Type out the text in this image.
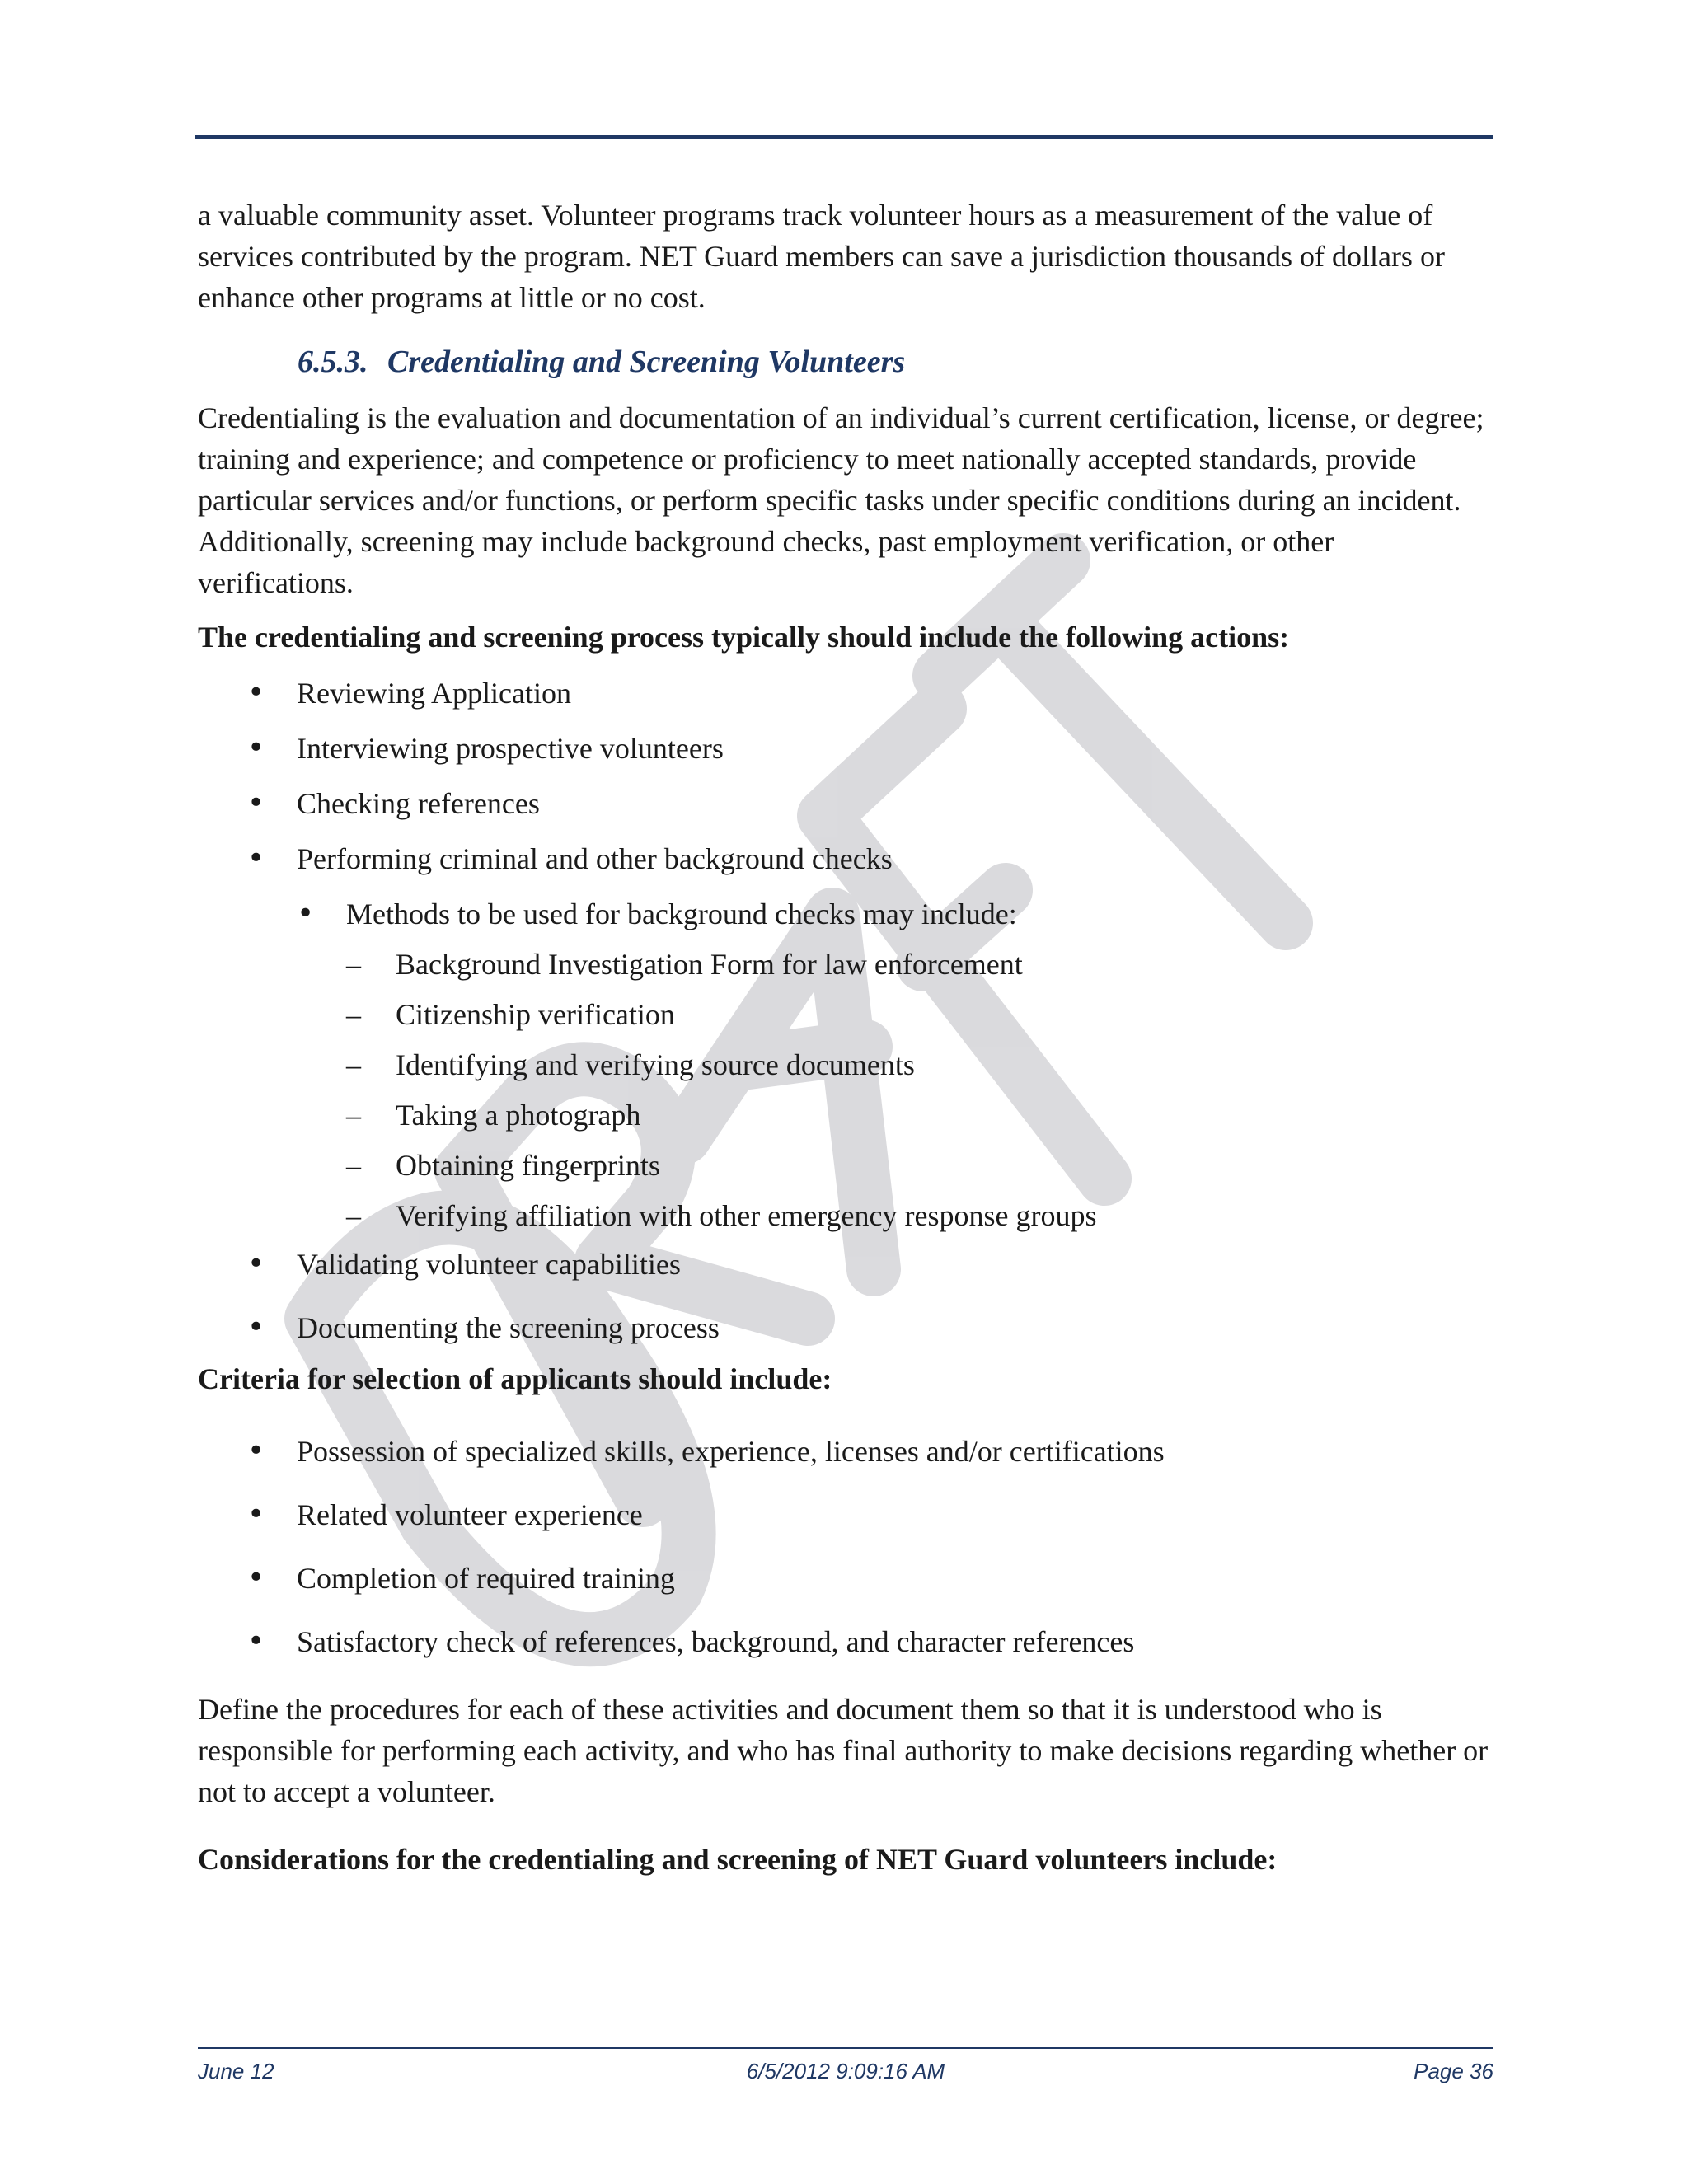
a valuable community asset. Volunteer programs track volunteer hours as a measurement of the value of services contributed by the program. NET Guard members can save a jurisdiction thousands of dollars or enhance other programs at little or no cost.

6.5.3. Credentialing and Screening Volunteers

Credentialing is the evaluation and documentation of an individual’s current certification, license, or degree; training and experience; and competence or proficiency to meet nationally accepted standards, provide particular services and/or functions, or perform specific tasks under specific conditions during an incident. Additionally, screening may include background checks, past employment verification, or other verifications.

The credentialing and screening process typically should include the following actions:

• Reviewing Application
• Interviewing prospective volunteers
• Checking references
• Performing criminal and other background checks
• Methods to be used for background checks may include:
– Background Investigation Form for law enforcement
– Citizenship verification
– Identifying and verifying source documents
– Taking a photograph
– Obtaining fingerprints
– Verifying affiliation with other emergency response groups
• Validating volunteer capabilities
• Documenting the screening process

Criteria for selection of applicants should include:

• Possession of specialized skills, experience, licenses and/or certifications
• Related volunteer experience
• Completion of required training
• Satisfactory check of references, background, and character references

Define the procedures for each of these activities and document them so that it is understood who is responsible for performing each activity, and who has final authority to make decisions regarding whether or not to accept a volunteer.

Considerations for the credentialing and screening of NET Guard volunteers include:

June 12	6/5/2012 9:09:16 AM	Page 36
